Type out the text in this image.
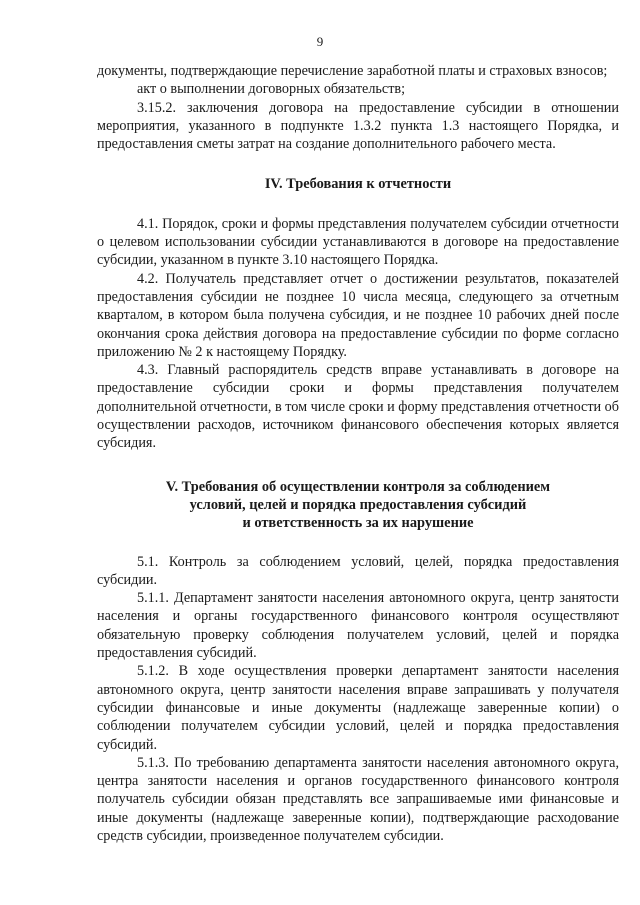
9

документы, подтверждающие перечисление заработной платы и страховых взносов;

акт о выполнении договорных обязательств;

3.15.2. заключения договора на предоставление субсидии в отношении мероприятия, указанного в подпункте 1.3.2 пункта 1.3 настоящего Порядка, и предоставления сметы затрат на создание дополнительного рабочего места.

IV. Требования к отчетности

4.1. Порядок, сроки и формы представления получателем субсидии отчетности о целевом использовании субсидии устанавливаются в договоре на предоставление субсидии, указанном в пункте 3.10 настоящего Порядка.

4.2. Получатель представляет отчет о достижении результатов, показателей предоставления субсидии не позднее 10 числа месяца, следующего за отчетным кварталом, в котором была получена субсидия, и не позднее 10 рабочих дней после окончания срока действия договора на предоставление субсидии по форме согласно приложению № 2 к настоящему Порядку.

4.3. Главный распорядитель средств вправе устанавливать в договоре на предоставление субсидии сроки и формы представления получателем дополнительной отчетности, в том числе сроки и форму представления отчетности об осуществлении расходов, источником финансового обеспечения которых является субсидия.

V. Требования об осуществлении контроля за соблюдением
условий, целей и порядка предоставления субсидий
и ответственность за их нарушение

5.1. Контроль за соблюдением условий, целей, порядка предоставления субсидии.

5.1.1. Департамент занятости населения автономного округа, центр занятости населения и органы государственного финансового контроля осуществляют обязательную проверку соблюдения получателем условий, целей и порядка предоставления субсидий.

5.1.2. В ходе осуществления проверки департамент занятости населения автономного округа, центр занятости населения вправе запрашивать у получателя субсидии финансовые и иные документы (надлежаще заверенные копии) о соблюдении получателем субсидии условий, целей и порядка предоставления субсидий.

5.1.3. По требованию департамента занятости населения автономного округа, центра занятости населения и органов государственного финансового контроля получатель субсидии обязан представлять все запрашиваемые ими финансовые и иные документы (надлежаще заверенные копии), подтверждающие расходование средств субсидии, произведенное получателем субсидии.
